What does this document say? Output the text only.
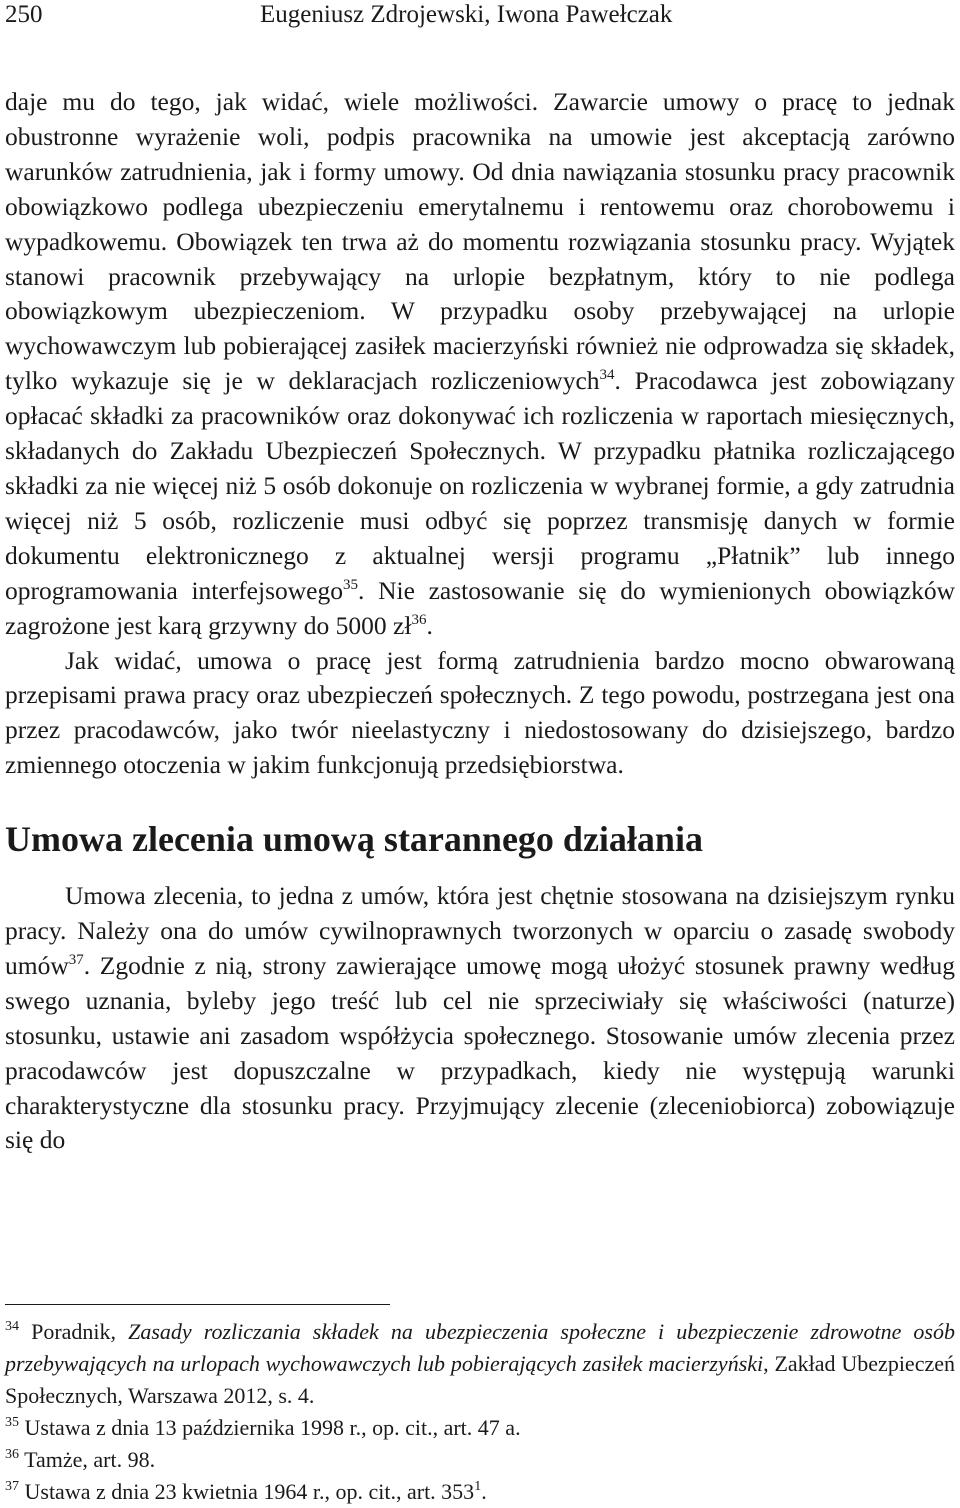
250	Eugeniusz Zdrojewski, Iwona Pawełczak

daje mu do tego, jak widać, wiele możliwości. Zawarcie umowy o pracę to jednak obustronne wyrażenie woli, podpis pracownika na umowie jest akceptacją zarówno warunków zatrudnienia, jak i formy umowy. Od dnia nawiązania stosunku pracy pracownik obowiązkowo podlega ubezpieczeniu emerytalnemu i rentowemu oraz chorobowemu i wypadkowemu. Obowiązek ten trwa aż do momentu rozwiązania stosunku pracy. Wyjątek stanowi pracownik przebywający na urlopie bezpłatnym, który to nie podlega obowiązkowym ubezpieczeniom. W przypadku osoby przebywającej na urlopie wychowawczym lub pobierającej zasiłek macierzyński również nie odprowadza się składek, tylko wykazuje się je w deklaracjach rozliczeniowych$^{34}$. Pracodawca jest zobowiązany opłacać składki za pracowników oraz dokonywać ich rozliczenia w raportach miesięcznych, składanych do Zakładu Ubezpieczeń Społecznych. W przypadku płatnika rozliczającego składki za nie więcej niż 5 osób dokonuje on rozliczenia w wybranej formie, a gdy zatrudnia więcej niż 5 osób, rozliczenie musi odbyć się poprzez transmisję danych w formie dokumentu elektronicznego z aktualnej wersji programu „Płatnik” lub innego oprogramowania interfejsowego$^{35}$. Nie zastosowanie się do wymienionych obowiązków zagrożone jest karą grzywny do 5000 $zł^{36}$.

Jak widać, umowa o pracę jest formą zatrudnienia bardzo mocno obwarowaną przepisami prawa pracy oraz ubezpieczeń społecznych. Z tego powodu, postrzegana jest ona przez pracodawców, jako twór nieelastyczny i niedostosowany do dzisiejszego, bardzo zmiennego otoczenia w jakim funkcjonują przedsiębiorstwa.

Umowa zlecenia umową starannego działania

Umowa zlecenia, to jedna z umów, która jest chętnie stosowana na dzisiejszym rynku pracy. Należy ona do umów cywilnoprawnych tworzonych w oparciu o zasadę swobody umów$^{37}$. Zgodnie z nią, strony zawierające umowę mogą ułożyć stosunek prawny według swego uznania, byleby jego treść lub cel nie sprzeciwiały się właściwości (naturze) stosunku, ustawie ani zasadom współżycia społecznego. Stosowanie umów zlecenia przez pracodawców jest dopuszczalne w przypadkach, kiedy nie występują warunki charakterystyczne dla stosunku pracy. Przyjmujący zlecenie (zleceniobiorca) zobowiązuje się do

$^{34}$ Poradnik, Zasady rozliczania składek na ubezpieczenia społeczne i ubezpieczenie zdrowotne osób przebywających na urlopach wychowawczych lub pobierających zasiłek macierzyński, Zakład Ubezpieczeń Społecznych, Warszawa 2012, s. 4.

$^{35}$ Ustawa z dnia 13 października 1998 r., op. cit., art. 47 a.

$^{36}$ Tamże, art. 98.

$^{37}$ Ustawa z dnia 23 kwietnia 1964 r., op. cit., art. $353^1$.
